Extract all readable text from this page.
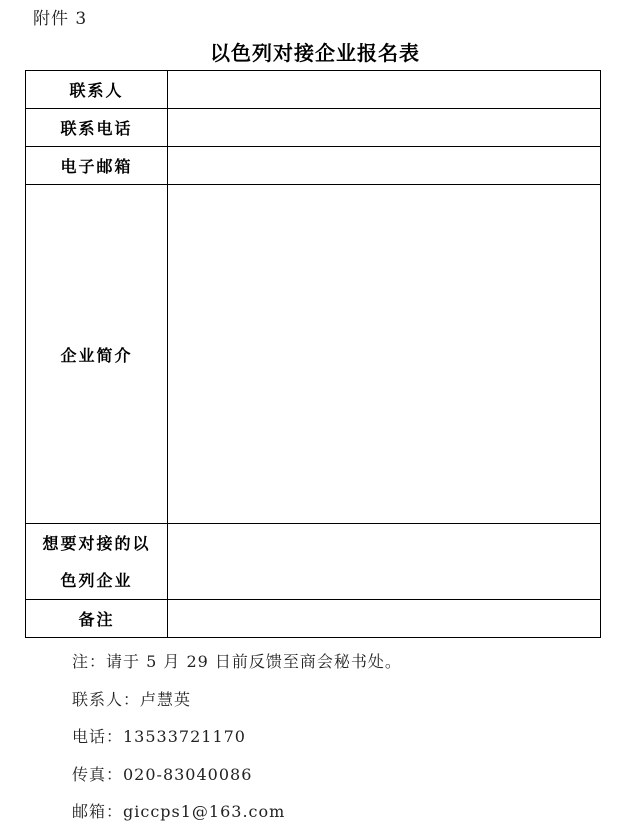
附件 3
以色列对接企业报名表
联系人	
联系电话	
电子邮箱	
企业简介	

想要对接的以
色列企业	

备注	
注：请于 5 月 29 日前反馈至商会秘书处。
联系人：卢慧英
电话：13533721170
传真：020-83040086
邮箱：giccps1@163.com
